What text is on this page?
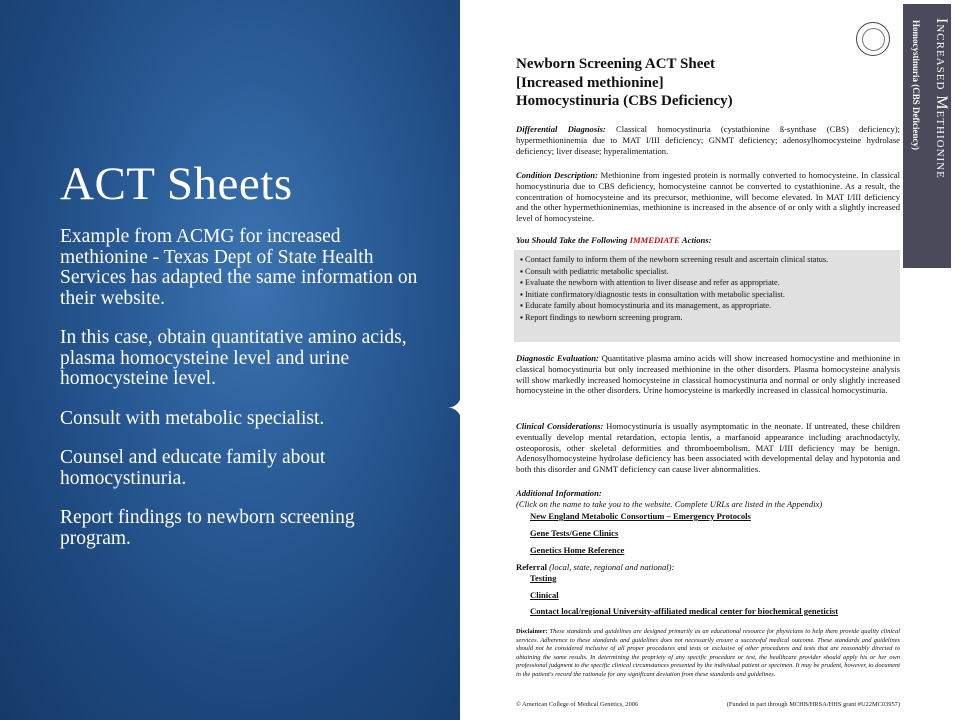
✦
ACT Sheets

Example from ACMG for increased methionine - Texas Dept of State Health Services has adapted the same information on their website.

In this case, obtain quantitative amino acids, plasma homocysteine level and urine homocysteine level.

Consult with metabolic specialist.

Counsel and educate family about homocystinuria.

Report findings to newborn screening program.

Newborn Screening ACT Sheet
[Increased methionine]
Homocystinuria (CBS Deficiency)
Differential Diagnosis: Classical homocystinuria (cystathionine ß-synthase (CBS) deficiency); hypermethioninemia due to MAT I/III deficiency; GNMT deficiency; adenosylhomocysteine hydrolase deficiency; liver disease; hyperalimentation.
Condition Description: Methionine from ingested protein is normally converted to homocysteine. In classical homocystinuria due to CBS deficiency, homocysteine cannot be converted to cystathionine. As a result, the concentration of homocysteine and its precursor, methionine, will become elevated. In MAT I/III deficiency and the other hypermethioninemias, methionine is increased in the absence of or only with a slightly increased level of homocysteine.
You Should Take the Following IMMEDIATE Actions:
▪ Contact family to inform them of the newborn screening result and ascertain clinical status.
▪ Consult with pediatric metabolic specialist.
▪ Evaluate the newborn with attention to liver disease and refer as appropriate.
▪ Initiate confirmatory/diagnostic tests in consultation with metabolic specialist.
▪ Educate family about homocystinuria and its management, as appropriate.
▪ Report findings to newborn screening program.
Diagnostic Evaluation: Quantitative plasma amino acids will show increased homocystine and methionine in classical homocystinuria but only increased methionine in the other disorders. Plasma homocysteine analysis will show markedly increased homocysteine in classical homocystinuria and normal or only slightly increased homocysteine in the other disorders. Urine homocysteine is markedly increased in classical homocystinuria.
Clinical Considerations: Homocystinuria is usually asymptomatic in the neonate. If untreated, these children eventually develop mental retardation, ectopia lentis, a marfanoid appearance including arachnodactyly, osteoporosis, other skeletal deformities and thromboembolism. MAT I/III deficiency may be benign. Adenosylhomocysteine hydrolase deficiency has been associated with developmental delay and hypotonia and both this disorder and GNMT deficiency can cause liver abnormalities.
Additional Information:
(Click on the name to take you to the website. Complete URLs are listed in the Appendix)
New England Metabolic Consortium – Emergency Protocols
Gene Tests/Gene Clinics
Genetics Home Reference
Referral (local, state, regional and national):
Testing
Clinical
Contact local/regional University-affiliated medical center for biochemical geneticist
Disclaimer: These standards and guidelines are designed primarily as an educational resource for physicians to help them provide quality clinical services. Adherence to these standards and guidelines does not necessarily ensure a successful medical outcome. These standards and guidelines should not be considered inclusive of all proper procedures and tests or exclusive of other procedures and tests that are reasonably directed to obtaining the same results. In determining the propriety of any specific procedure or test, the healthcare provider should apply his or her own professional judgment to the specific clinical circumstances presented by the individual patient or specimen. It may be prudent, however, to document in the patient's record the rationale for any significant deviation from these standards and guidelines.
© American College of Medical Genetics, 2006	(Funded in part through MCHB/HRSA/HHS grant #U22MC03957)
Increased Methionine
Homocystinuria (CBS Deficiency)
